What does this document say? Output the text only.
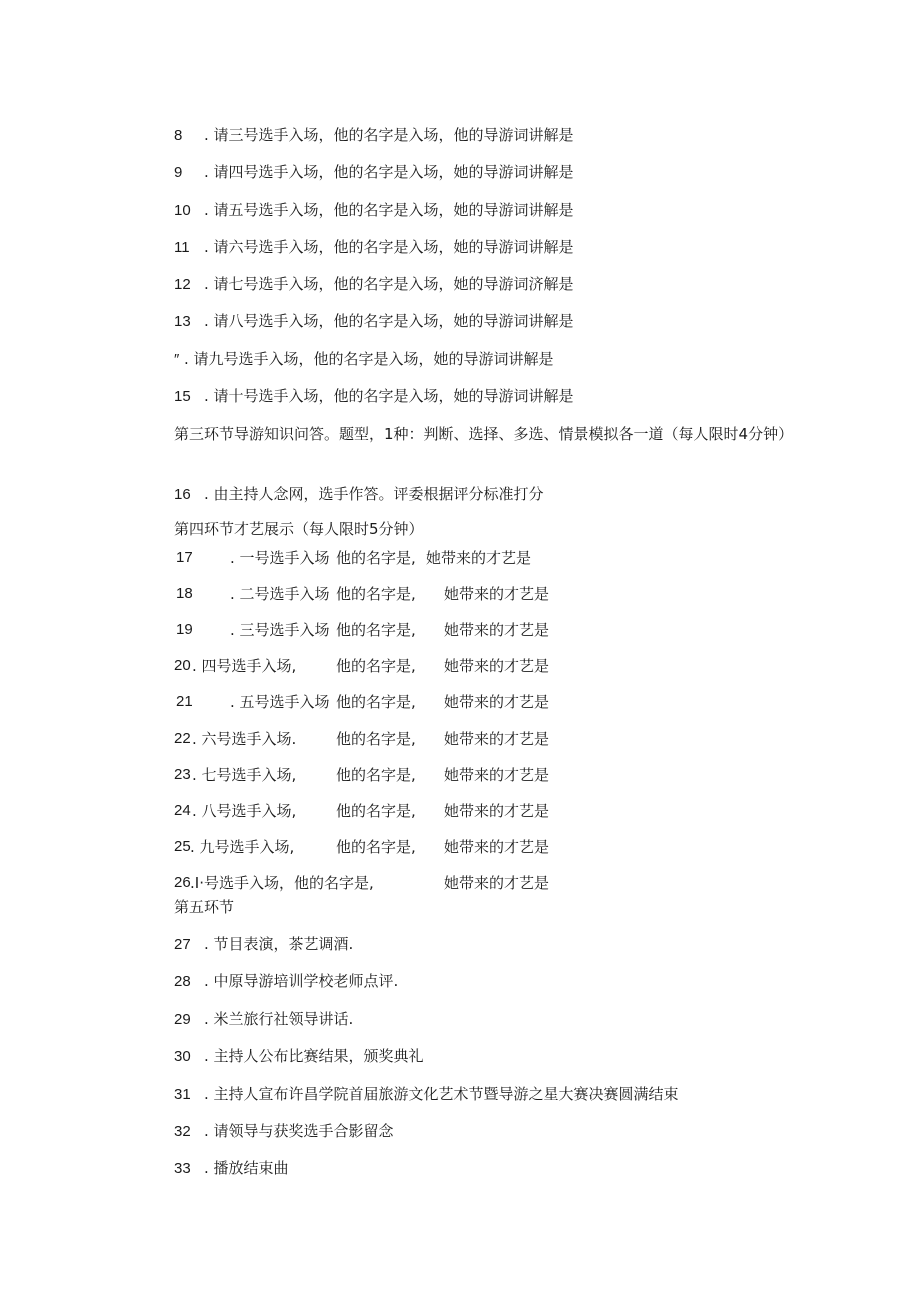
8 . 请三号选手入场，他的名字是入场，他的导游词讲解是
9 . 请四号选手入场，他的名字是入场，她的导游词讲解是
10 . 请五号选手入场，他的名字是入场，她的导游词讲解是
11 . 请六号选手入场，他的名字是入场，她的导游词讲解是
12 . 请七号选手入场，他的名字是入场，她的导游词济解是
13 . 请八号选手入场，他的名字是入场，她的导游词讲解是
″ . 请九号选手入场，他的名字是入场，她的导游词讲解是
15 . 请十号选手入场，他的名字是入场，她的导游词讲解是
第三环节导游知识问答。题型，1种：判断、选择、多选、情景模拟各一道（每人限时4分钟）
16 . 由主持人念网，选手作答。评委根据评分标准打分
第四环节才艺展示（每人限时5分钟）
17 . 一号选手入场 他的名字是, 她带来的才艺是
18 . 二号选手入场 他的名字是, 她带来的才艺是
19 . 三号选手入场 他的名字是, 她带来的才艺是
20 . 四号选手入场,	他的名字是, 她带来的才艺是
21 . 五号选手入场 他的名字是, 她带来的才艺是
22 . 六号选手入场.	他的名字是, 她带来的才艺是
23 . 七号选手入场,	他的名字是, 她带来的才艺是
24 . 八号选手入场,	他的名字是, 她带来的才艺是
25 . 九号选手入场,	他的名字是, 她带来的才艺是
26 .I·号选手入场，他的名字是,	她带来的才艺是
第五环节
27 . 节目表演，茶艺调酒.
28 . 中原导游培训学校老师点评.
29 . 米兰旅行社领导讲话.
30 . 主持人公布比赛结果，颁奖典礼
31 . 主持人宣布许昌学院首届旅游文化艺术节暨导游之星大赛决赛圆满结束
32 . 请领导与获奖选手合影留念
33 . 播放结束曲
